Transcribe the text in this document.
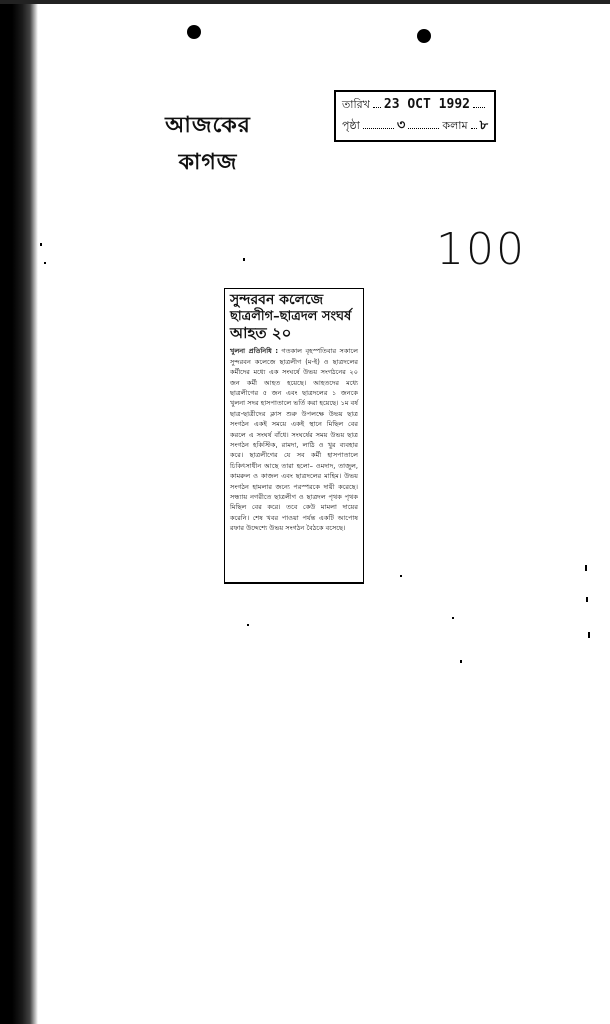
আজকের কাগজ
তারিখ 23 OCT 1992
পৃষ্ঠা	৩	কলাম ৮
100
সুন্দরবন কলেজে
ছাত্রলীগ–ছাত্রদল সংঘর্ষ
আহত ২০
খুলনা প্রতিনিধি : গতকাল বৃহস্পতিবার সকালে সুন্দরবন কলেজে ছাত্রলীগ (ম-ই) ও ছাত্রদলের কর্মীদের মধ্যে এক সংঘর্ষে উভয় সংগঠনের ২০ জন কর্মী আহত হয়েছে। আহতদের মধ্যে ছাত্রলীগের ৫ জন এবং ছাত্রদলের ১ জনকে খুলনা সদর হাসপাতালে ভর্তি করা হয়েছে। ১ম বর্ষ ছাত্র-ছাত্রীদের ক্লাস শুরু উপলক্ষে উভয় ছাত্র সংগঠন একই সময়ে একই স্থানে মিছিল বের করলে এ সংঘর্ষ বাঁধে। সংঘর্ষের সময় উভয় ছাত্র সংগঠন হকিস্টিক, রামদা, লাঠি ও খুর ব্যবহার করে। ছাত্রলীগের যে সব কর্মী হাসপাতালে চিকিৎসাধীন আছে তারা হলো– ওমদাদ, তাজুল, কামরুল ও কাজল এবং ছাত্রদলের মাহিম। উভয় সংগঠন হামলার জন্যে পরস্পরকে দায়ী করেছে। সন্ধ্যায় নগরীতে ছাত্রলীগ ও ছাত্রদল পৃথক পৃথক মিছিল বের করে। তবে কেউ মামলা দায়ের করেনি। শেষ খবর পাওয়া পর্যন্ত একটি আপোষ রফার উদ্দেশ্যে উভয় সংগঠন বৈঠকে বসেছে।
